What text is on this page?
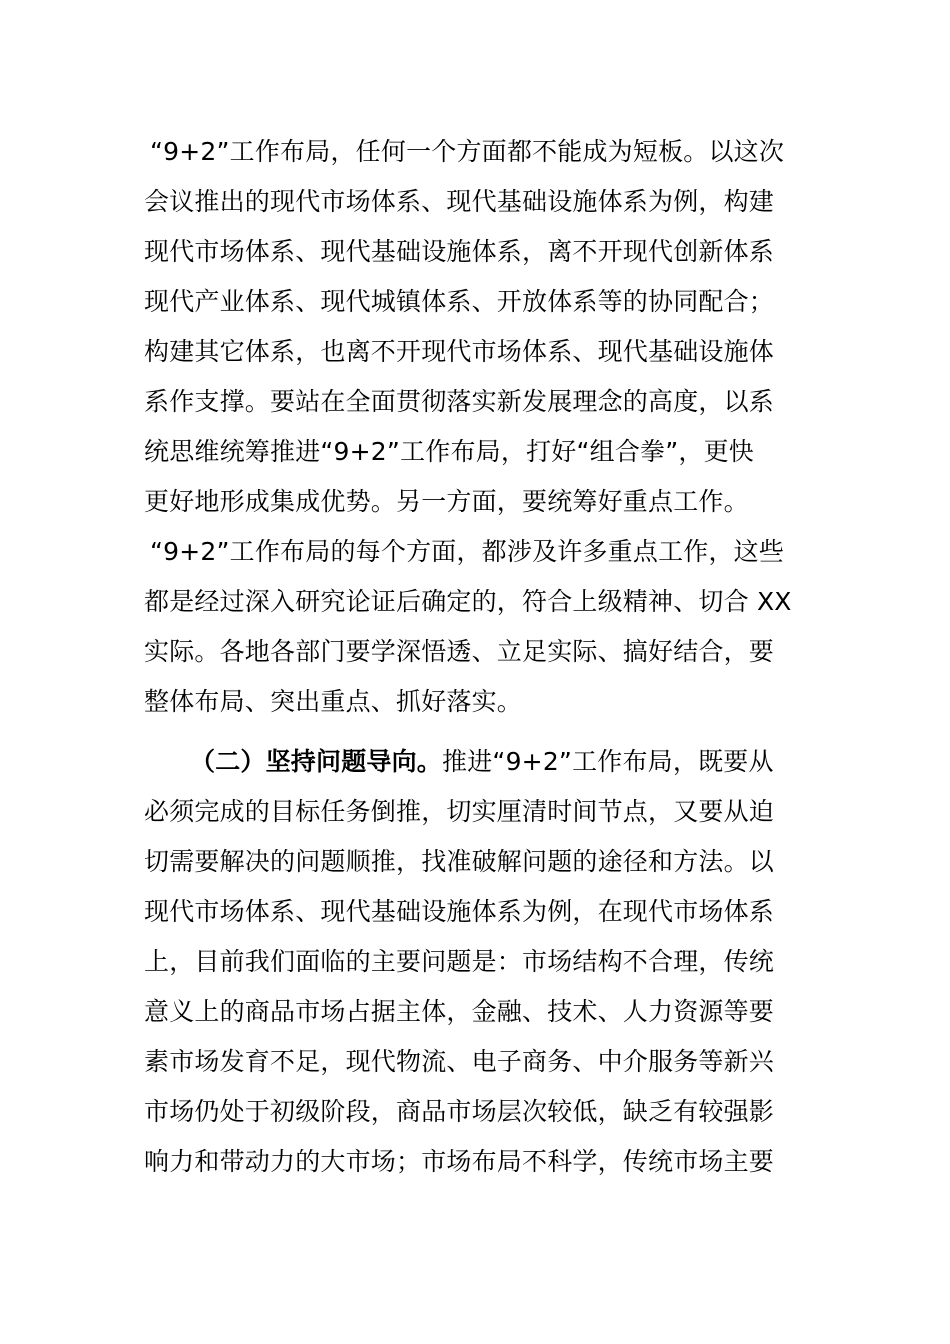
“9+2”工作布局，任何一个方面都不能成为短板。以这次
会议推出的现代市场体系、现代基础设施体系为例，构建
现代市场体系、现代基础设施体系，离不开现代创新体系
现代产业体系、现代城镇体系、开放体系等的协同配合；
构建其它体系，也离不开现代市场体系、现代基础设施体
系作支撑。要站在全面贯彻落实新发展理念的高度，以系
统思维统筹推进“9+2”工作布局，打好“组合拳”，更快
更好地形成集成优势。另一方面，要统筹好重点工作。
“9+2”工作布局的每个方面，都涉及许多重点工作，这些
都是经过深入研究论证后确定的，符合上级精神、切合 XX
实际。各地各部门要学深悟透、立足实际、搞好结合，要
整体布局、突出重点、抓好落实。
（二）坚持问题导向。推进“9+2”工作布局，既要从
必须完成的目标任务倒推，切实厘清时间节点，又要从迫
切需要解决的问题顺推，找准破解问题的途径和方法。以
现代市场体系、现代基础设施体系为例，在现代市场体系
上，目前我们面临的主要问题是：市场结构不合理，传统
意义上的商品市场占据主体，金融、技术、人力资源等要
素市场发育不足，现代物流、电子商务、中介服务等新兴
市场仍处于初级阶段，商品市场层次较低，缺乏有较强影
响力和带动力的大市场；市场布局不科学，传统市场主要
